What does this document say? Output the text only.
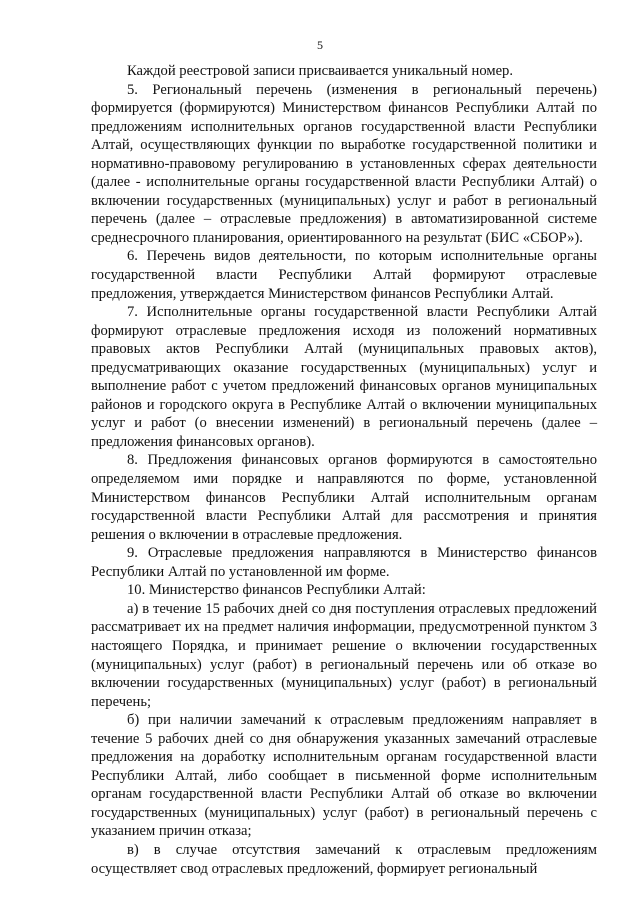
5

Каждой реестровой записи присваивается уникальный номер.

5. Региональный перечень (изменения в региональный перечень) формируется (формируются) Министерством финансов Республики Алтай по предложениям исполнительных органов государственной власти Республики Алтай, осуществляющих функции по выработке государственной политики и нормативно-правовому регулированию в установленных сферах деятельности (далее - исполнительные органы государственной власти Республики Алтай) о включении государственных (муниципальных) услуг и работ в региональный перечень (далее – отраслевые предложения) в автоматизированной системе среднесрочного планирования, ориентированного на результат (БИС «СБОР»).

6. Перечень видов деятельности, по которым исполнительные органы государственной власти Республики Алтай формируют отраслевые предложения, утверждается Министерством финансов Республики Алтай.

7. Исполнительные органы государственной власти Республики Алтай формируют отраслевые предложения исходя из положений нормативных правовых актов Республики Алтай (муниципальных правовых актов), предусматривающих оказание государственных (муниципальных) услуг и выполнение работ с учетом предложений финансовых органов муниципальных районов и городского округа в Республике Алтай о включении муниципальных услуг и работ (о внесении изменений) в региональный перечень (далее – предложения финансовых органов).

8. Предложения финансовых органов формируются в самостоятельно определяемом ими порядке и направляются по форме, установленной Министерством финансов Республики Алтай исполнительным органам государственной власти Республики Алтай для рассмотрения и принятия решения о включении в отраслевые предложения.

9. Отраслевые предложения направляются в Министерство финансов Республики Алтай по установленной им форме.

10. Министерство финансов Республики Алтай:

а) в течение 15 рабочих дней со дня поступления отраслевых предложений рассматривает их на предмет наличия информации, предусмотренной пунктом 3 настоящего Порядка, и принимает решение о включении государственных (муниципальных) услуг (работ) в региональный перечень или об отказе во включении государственных (муниципальных) услуг (работ) в региональный перечень;

б) при наличии замечаний к отраслевым предложениям направляет в течение 5 рабочих дней со дня обнаружения указанных замечаний отраслевые предложения на доработку исполнительным органам государственной власти Республики Алтай, либо сообщает в письменной форме исполнительным органам государственной власти Республики Алтай об отказе во включении государственных (муниципальных) услуг (работ) в региональный перечень с указанием причин отказа;

в) в случае отсутствия замечаний к отраслевым предложениям осуществляет свод отраслевых предложений, формирует региональный
